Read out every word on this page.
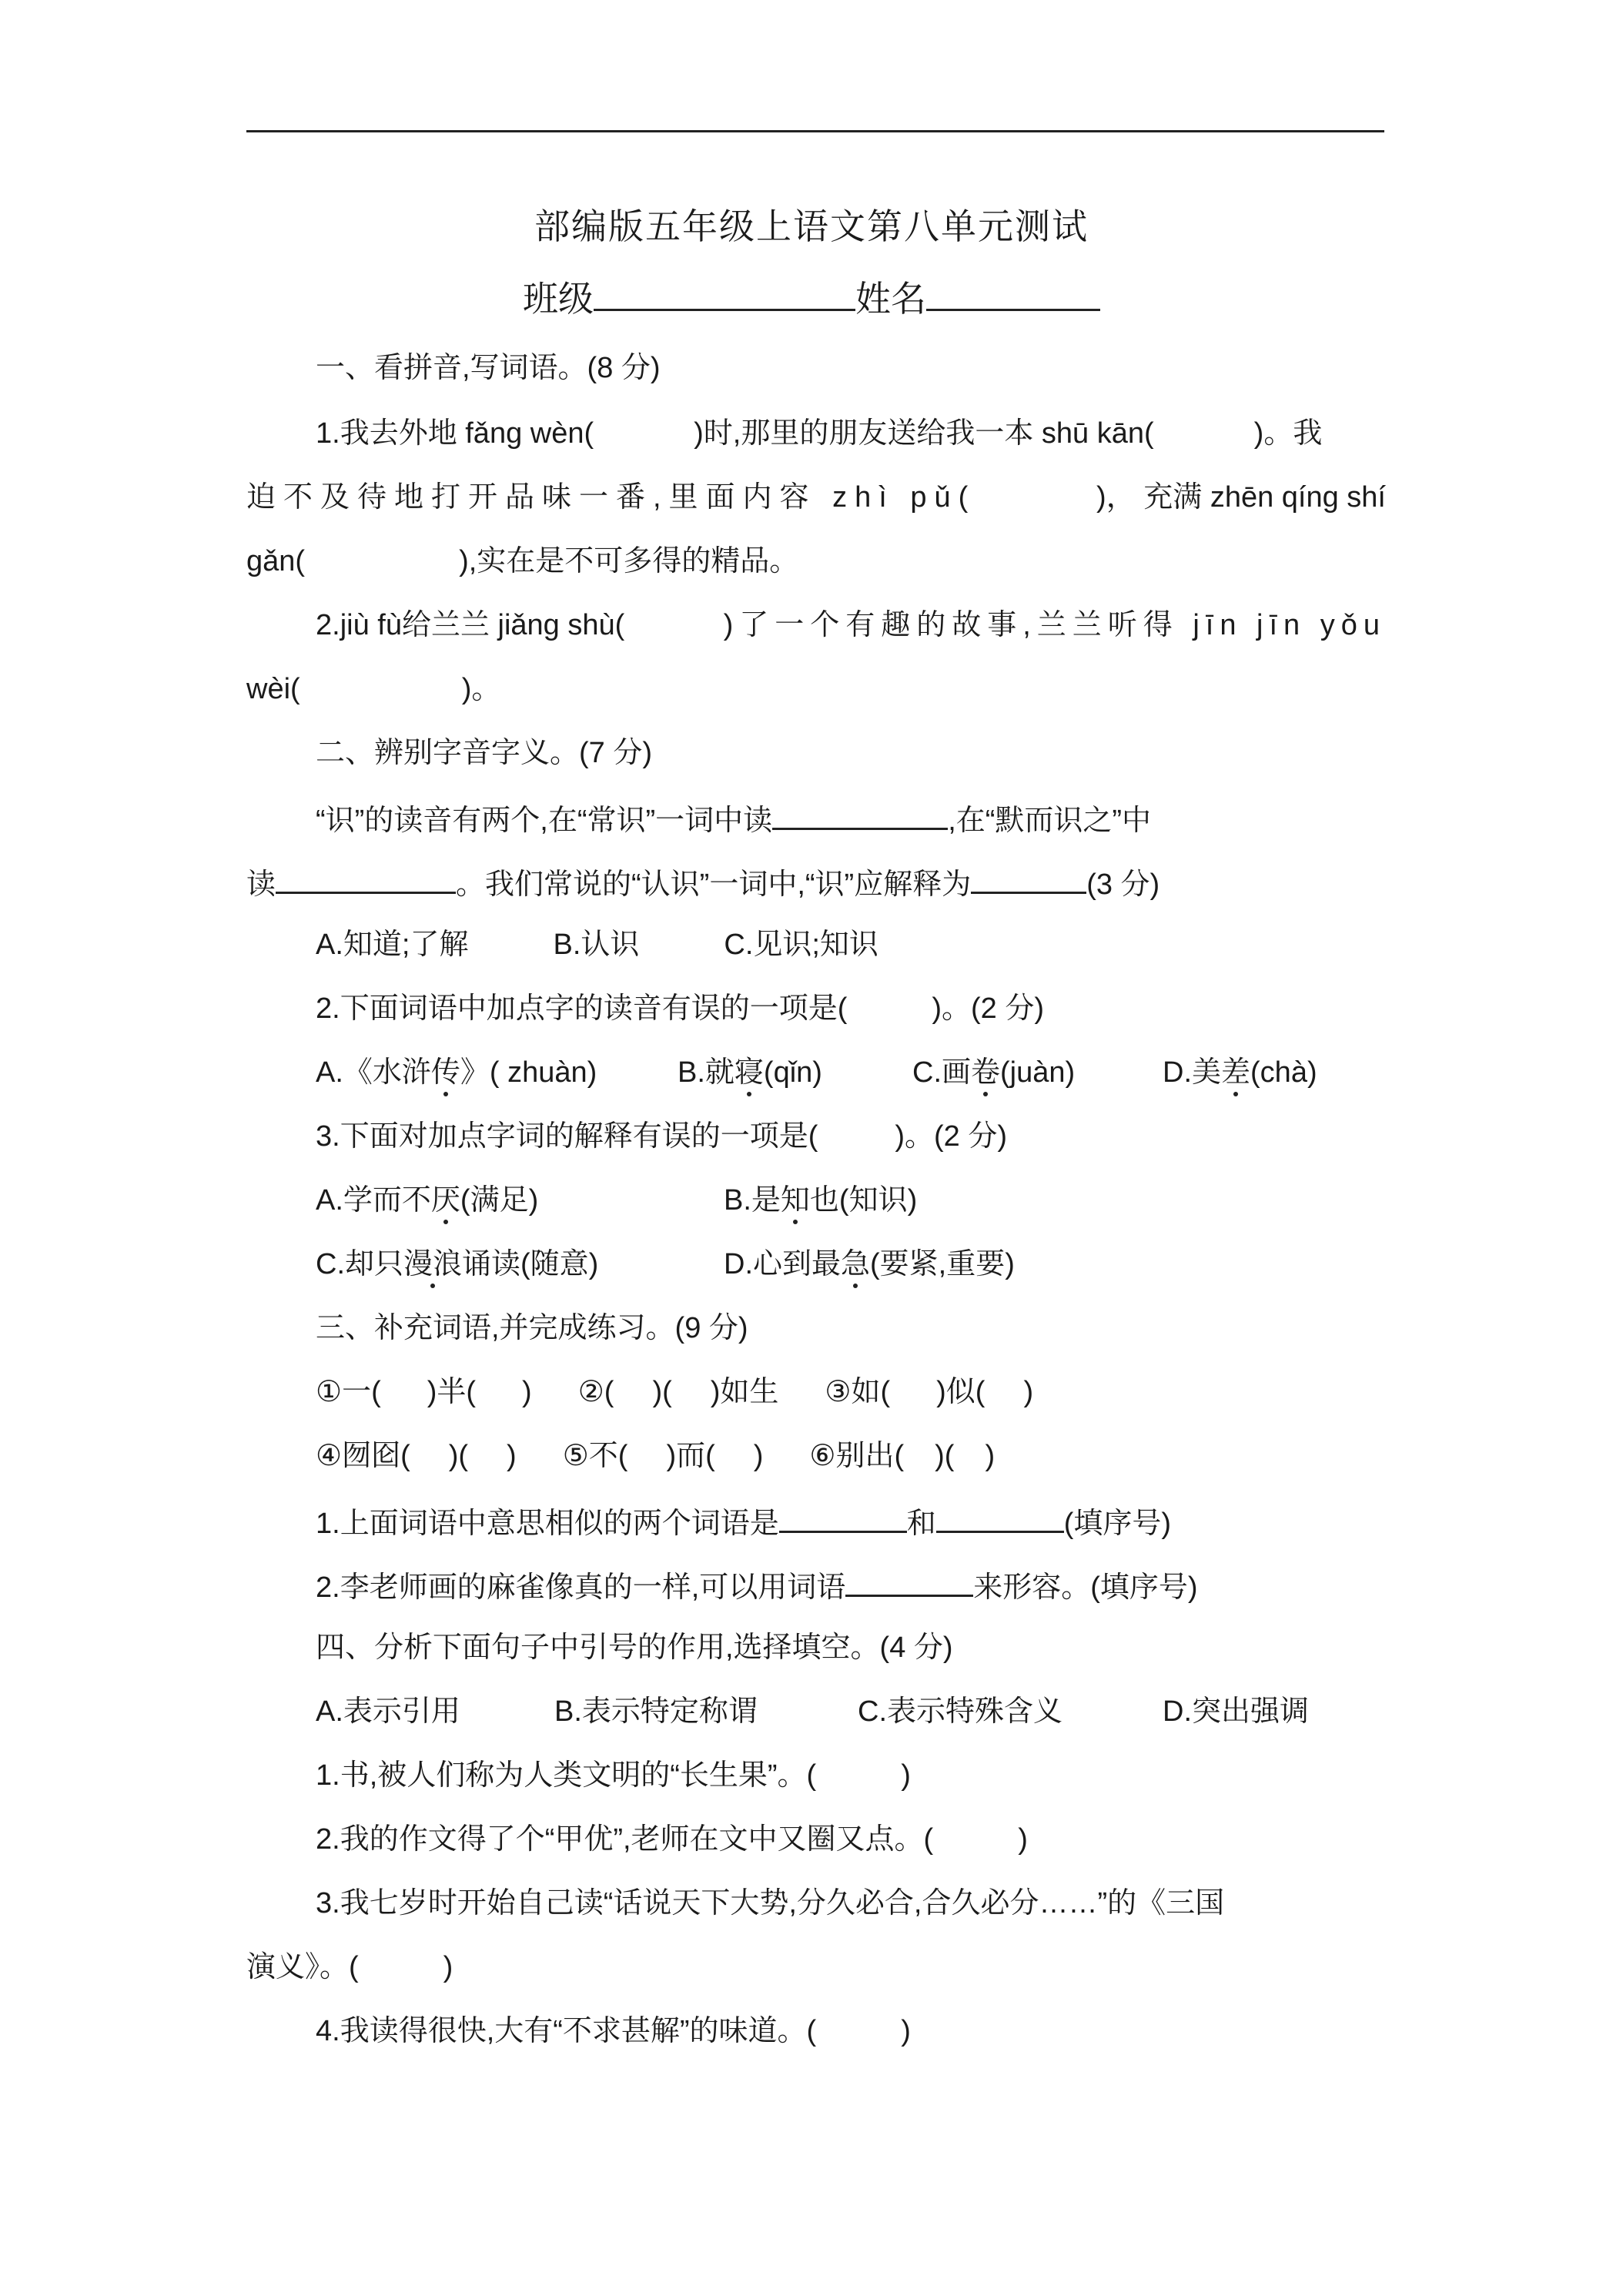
部编版五年级上语文第八单元测试
班级	姓名
一、看拼音,写词语。(8 分)
1.我去外地 fǎng wèn(	)时,那里的朋友送给我一本 shū kān(	)。我
迫不及待地打开品味一番,里面内容 zhì pǔ(	)， 充满 zhēn qíng shí
gǎn(	),实在是不可多得的精品。
2.jiù fù给兰兰 jiǎng shù(	)了一个有趣的故事,兰兰听得 jīn jīn yǒu
wèi(	)。
二、辨别字音字义。(7 分)
“识”的读音有两个,在“常识”一词中读	,在“默而识之”中
读	。我们常说的“认识”一词中,“识”应解释为	(3 分)
A.知道;了解	B.认识	C.见识;知识
2.下面词语中加点字的读音有误的一项是(	)。(2 分)
A.《水浒传》( zhuàn)	B.就寝(qǐn)	C.画卷(juàn)	D.美差(chà)
3.下面对加点字词的解释有误的一项是(	)。(2 分)
A.学而不厌(满足)	B.是知也(知识)
C.却只漫浪诵读(随意)	D.心到最急(要紧,重要)
三、补充词语,并完成练习。(9 分)
①一( )半( ) ②( )( )如生 ③如( )似( )
④囫囵( )( ) ⑤不( )而( ) ⑥别出( )( )
1.上面词语中意思相似的两个词语是	和	(填序号)
2.李老师画的麻雀像真的一样,可以用词语	来形容。(填序号)
四、分析下面句子中引号的作用,选择填空。(4 分)
A.表示引用	B.表示特定称谓	C.表示特殊含义	D.突出强调
1.书,被人们称为人类文明的“长生果”。(	)
2.我的作文得了个“甲优”,老师在文中又圈又点。(	)
3.我七岁时开始自己读“话说天下大势,分久必合,合久必分……”的《三国
演义》。(	)
4.我读得很快,大有“不求甚解”的味道。(	)
